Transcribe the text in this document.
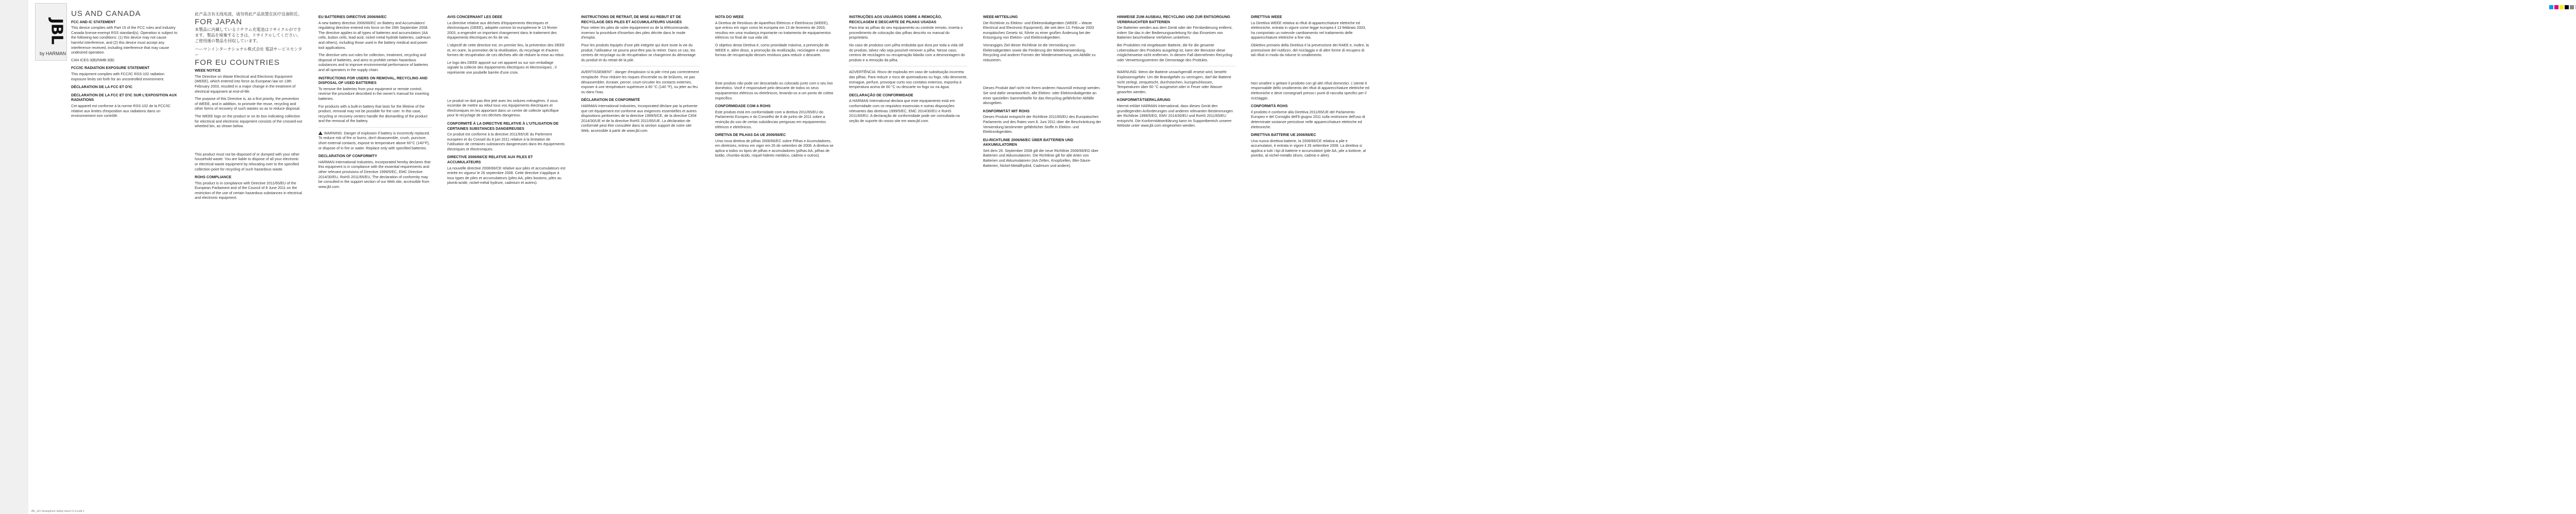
JBL
by HARMAN
US AND CANADA
FCC AND IC STATEMENT

This device complies with Part 15 of the FCC rules and Industry Canada license-exempt RSS standard(s). Operation is subject to the following two conditions: (1) this device may not cause harmful interference, and (2) this device must accept any interference received, including interference that may cause undesired operation.

CAN ICES-3(B)/NMB-3(B)

FCC/IC RADIATION EXPOSURE STATEMENT

This equipment complies with FCC/IC RSS-102 radiation exposure limits set forth for an uncontrolled environment.

DÉCLARATION DE LA FCC ET D'IC
DÉCLARATION DE LA FCC ET D'IC SUR L'EXPOSITION AUX RADIATIONS

Cet appareil est conforme à la norme RSS-102 de la FCC/IC relative aux limites d'exposition aux radiations dans un environnement non contrôlé.

此产品含有无线电波，请勿将此产品放置在医疗设备附近。

FOR JAPAN

本製品に内蔵しているリチウム充電池はリサイクルができます。製品を廃棄するときは、リサイクルしてください。ご使用後の製品を回収しています。

ハーマンインターナショナル株式会社 電話サービスセンター

FOR EU COUNTRIES
WEEE NOTICE

The Directive on Waste Electrical and Electronic Equipment (WEEE), which entered into force as European law on 13th February 2003, resulted in a major change in the treatment of electrical equipment at end-of-life.

The purpose of this Directive is, as a first priority, the prevention of WEEE, and in addition, to promote the reuse, recycling and other forms of recovery of such wastes so as to reduce disposal.

The WEEE logo on the product or on its box indicating collection for electrical and electronic equipment consists of the crossed-out wheeled bin, as shown below.

This product must not be disposed of or dumped with your other household waste. You are liable to dispose of all your electronic or electrical waste equipment by relocating over to the specified collection point for recycling of such hazardous waste.

ROHS COMPLIANCE

This product is in compliance with Directive 2011/65/EU of the European Parliament and of the Council of 8 June 2011 on the restriction of the use of certain hazardous substances in electrical and electronic equipment.

EU BATTERIES DIRECTIVE 2006/66/EC

A new battery directive 2006/66/EC on Battery and Accumulators' regulating directive entered into force on the 26th September 2008. The directive applies to all types of batteries and accumulators (AA cells, button cells, lead acid, nickel metal hydride batteries, cadmium and others), including those used in the battery medical and power tool applications.

The directive sets out rules for collection, treatment, recycling and disposal of batteries, and aims to prohibit certain hazardous substances and to improve environmental performance of batteries and all operators in the supply chain.

INSTRUCTIONS FOR USERS ON REMOVAL, RECYCLING AND DISPOSAL OF USED BATTERIES

To remove the batteries from your equipment or remote control, reverse the procedure described in the owner's manual for inserting batteries.

For products with a built-in battery that lasts for the lifetime of the product, removal may not be possible for the user. In this case, recycling or recovery centers handle the dismantling of the product and the removal of the battery.

WARNING: Danger of explosion if battery is incorrectly replaced. To reduce risk of fire or burns, don't disassemble, crush, puncture, short external contacts, expose to temperature above 60°C (140°F), or dispose of in fire or water. Replace only with specified batteries.

DECLARATION OF CONFORMITY

HARMAN International Industries, Incorporated hereby declares that this equipment is in compliance with the essential requirements and other relevant provisions of Directive 1999/5/EC, EMC Directive 2014/30/EU, RoHS 2011/65/EU, The declaration of conformity may be consulted in the support section of our Web site, accessible from www.jbl.com.

AVIS CONCERNANT LES DEEE

La directive relative aux déchets d'équipements électriques et électroniques (DEEE), adoptée comme loi européenne le 13 février 2003, a engendré un important changement dans le traitement des équipements électriques en fin de vie.

L'objectif de cette directive est, en premier lieu, la prévention des DEEE et, en outre, la promotion de la réutilisation, du recyclage et d'autres formes de récupération de ces déchets afin de réduire la mise au rebut.

Le logo des DEEE apposé sur cet appareil ou sur son emballage signale la collecte des équipements électriques et électroniques ; il représente une poubelle barrée d'une croix.

Le produit ne doit pas être jeté avec les ordures ménagères. Il vous incombe de mettre au rebut tous vos équipements électriques et électroniques en les apportant dans un centre de collecte spécifique pour le recyclage de ces déchets dangereux.

CONFORMITÉ À LA DIRECTIVE RELATIVE À L'UTILISATION DE CERTAINES SUBSTANCES DANGEREUSES

Ce produit est conforme à la directive 2011/65/UE du Parlement européen et du Conseil du 8 juin 2011 relative à la limitation de l'utilisation de certaines substances dangereuses dans les équipements électriques et électroniques.

DIRECTIVE 2006/66/CE RELATIVE AUX PILES ET ACCUMULATEURS

La nouvelle directive 2006/66/CE relative aux piles et accumulateurs est entrée en vigueur le 26 septembre 2008. Cette directive s'applique à tous types de piles et accumulateurs (piles AA, piles boutons, piles au plomb-acide, nickel-métal hydrure, cadmium et autres).

INSTRUCTIONS DE RETRAIT, DE MISE AU REBUT ET DE RECYCLAGE DES PILES ET ACCUMULATEURS USAGÉS

Pour retirer les piles de votre équipement ou de la télécommande, inversez la procédure d'insertion des piles décrite dans le mode d'emploi.

Pour les produits équipés d'une pile intégrée qui dure toute la vie du produit, l'utilisateur ne pourra peut-être pas la retirer. Dans ce cas, les centres de recyclage ou de récupération se chargeront du démontage du produit et du retrait de la pile.

AVERTISSEMENT : danger d'explosion si la pile n'est pas correctement remplacée. Pour réduire les risques d'incendie ou de brûlures, ne pas désassembler, écraser, percer, court-circuiter les contacts externes, exposer à une température supérieure à 60 °C (140 °F), ou jeter au feu ou dans l'eau.

DÉCLARATION DE CONFORMITÉ

HARMAN International Industries, Incorporated déclare par la présente que cet équipement est conforme aux exigences essentielles et autres dispositions pertinentes de la directive 1999/5/CE, de la directive CEM 2014/30/UE et de la directive RoHS 2011/65/UE. La déclaration de conformité peut être consultée dans la section support de notre site Web, accessible à partir de www.jbl.com.

NOTA DO WEEE

A Diretiva de Resíduos de Aparelhos Elétricos e Eletrônicos (WEEE), que entrou em vigor como lei europeia em 13 de fevereiro de 2003, resultou em uma mudança importante no tratamento de equipamentos elétricos no final de sua vida útil.

O objetivo desta Diretiva é, como prioridade máxima, a prevenção de WEEE e, além disso, a promoção da reutilização, reciclagem e outras formas de recuperação desses resíduos para reduzir o descarte.

Este produto não pode ser descartado ou colocado junto com o seu lixo doméstico. Você é responsável pelo descarte de todos os seus equipamentos elétricos ou eletrônicos, levando-os a um ponto de coleta específico.

CONFORMIDADE COM A ROHS

Este produto está em conformidade com a diretiva 2011/65/EU do Parlamento Europeu e do Conselho de 8 de junho de 2011 sobre a restrição do uso de certas substâncias perigosas em equipamentos elétricos e eletrônicos.

DIRETIVA DE PILHAS DA UE 2006/66/EC

Uma nova diretiva de pilhas 2006/66/EC sobre Pilhas e Acumuladores, em diretrizes, entrou em vigor em 26 de setembro de 2008. A diretiva se aplica a todos os tipos de pilhas e acumuladores (pilhas AA, pilhas de botão, chumbo-ácido, níquel-hidreto metálico, cádmio e outros).

INSTRUÇÕES AOS USUÁRIOS SOBRE A REMOÇÃO, RECICLAGEM E DESCARTE DE PILHAS USADAS

Para tirar as pilhas do seu equipamento ou controle remoto, inverta o procedimento de colocação das pilhas descrito no manual do proprietário.

No caso de produtos com pilha embutida que dura por toda a vida útil do produto, talvez não seja possível remover a pilha. Nesse caso, centros de reciclagem ou recuperação lidarão com a desmontagem do produto e a remoção da pilha.

ADVERTÊNCIA: Risco de explosão em caso de substituição incorreta das pilhas. Para reduzir o risco de queimaduras ou fogo, não desmonte, esmague, perfure, provoque curto nos contatos externos, exponha à temperatura acima de 60 °C ou descarte no fogo ou na água.

DECLARAÇÃO DE CONFORMIDADE

A HARMAN International declara que este equipamento está em conformidade com os requisitos essenciais e outras disposições relevantes das diretivas 1999/5/EC, EMC 2014/30/EU e RoHS 2011/65/EU. A declaração de conformidade pode ser consultada na seção de suporte do nosso site em www.jbl.com.

WEEE-MITTEILUNG

Die Richtlinie zu Elektro- und Elektronikaltgeräten (WEEE – Waste Electrical and Electronic Equipment), die seit dem 13. Februar 2003 europäisches Gesetz ist, führte zu einer großen Änderung bei der Entsorgung von Elektro- und Elektronikgeräten.

Vorrangiges Ziel dieser Richtlinie ist die Vermeidung von Elektroaltgeräten sowie die Förderung der Wiederverwendung, Recycling und anderer Formen der Wiederverwertung, um Abfälle zu reduzieren.

Dieses Produkt darf nicht mit Ihrem anderen Hausmüll entsorgt werden. Sie sind dafür verantwortlich, alle Elektro- oder Elektronikaltgeräte an einer speziellen Sammelstelle für das Recycling gefährlicher Abfälle abzugeben.

KONFORMITÄT MIT ROHS

Dieses Produkt entspricht der Richtlinie 2011/65/EU des Europäischen Parlaments und des Rates vom 8. Juni 2011 über die Beschränkung der Verwendung bestimmter gefährlicher Stoffe in Elektro- und Elektronikgeräten.

EU-RICHTLINIE 2006/66/EC ÜBER BATTERIEN UND AKKUMULATOREN

Seit dem 26. September 2008 gilt die neue Richtlinie 2006/66/EG über Batterien und Akkumulatoren. Die Richtlinie gilt für alle Arten von Batterien und Akkumulatoren (AA-Zellen, Knopfzellen, Blei-Säure-Batterien, Nickel-Metallhydrid, Cadmium und andere).

HINWEISE ZUM AUSBAU, RECYCLING UND ZUR ENTSORGUNG VERBRAUCHTER BATTERIEN

Die Batterien werden aus dem Gerät oder der Fernbedienung entfernt, indem Sie das in der Bedienungsanleitung für das Einsetzen von Batterien beschriebene Verfahren umkehren.

Bei Produkten mit eingebauter Batterie, die für die gesamte Lebensdauer des Produkts ausgelegt ist, kann der Benutzer diese möglicherweise nicht entfernen. In diesem Fall übernehmen Recycling- oder Verwertungszentren die Demontage des Produkts.

WARNUNG: Wenn die Batterie unsachgemäß ersetzt wird, besteht Explosionsgefahr. Um die Brandgefahr zu verringern, darf die Batterie nicht zerlegt, zerquetscht, durchstochen, kurzgeschlossen, Temperaturen über 60 °C ausgesetzt oder in Feuer oder Wasser geworfen werden.

KONFORMITÄTSERKLÄRUNG

Hiermit erklärt HARMAN International, dass dieses Gerät den grundlegenden Anforderungen und anderen relevanten Bestimmungen der Richtlinie 1999/5/EG, EMV 2014/30/EU und RoHS 2011/65/EU entspricht. Die Konformitätserklärung kann im Supportbereich unserer Website unter www.jbl.com eingesehen werden.

DIRETTIVA WEEE

La Direttiva WEEE relativa ai rifiuti di apparecchiature elettriche ed elettroniche, entrata in vigore come legge europea il 13 febbraio 2003, ha comportato un notevole cambiamento nel trattamento delle apparecchiature elettriche a fine vita.

Obiettivo primario della Direttiva è la prevenzione dei RAEE e, inoltre, la promozione del riutilizzo, del riciclaggio e di altre forme di recupero di tali rifiuti in modo da ridurne lo smaltimento.

Non smaltire o gettare il prodotto con gli altri rifiuti domestici. L'utente è responsabile dello smaltimento dei rifiuti di apparecchiature elettriche ed elettroniche e deve consegnarli presso i punti di raccolta specifici per il riciclaggio.

CONFORMITÀ ROHS

Il prodotto è conforme alla Direttiva 2011/65/UE del Parlamento Europeo e del Consiglio dell'8 giugno 2011 sulla restrizione dell'uso di determinate sostanze pericolose nelle apparecchiature elettriche ed elettroniche.

DIRETTIVA BATTERIE UE 2006/66/EC

Una nuova direttiva batterie, la 2006/66/CE relativa a pile e accumulatori, è entrata in vigore il 26 settembre 2008. La direttiva si applica a tutti i tipi di batterie e accumulatori (pile AA, pile a bottone, al piombo, al nichel-metallo idruro, cadmio e altre).

JBL_GO Smartphone Safety sheet V1.4.indd 1
